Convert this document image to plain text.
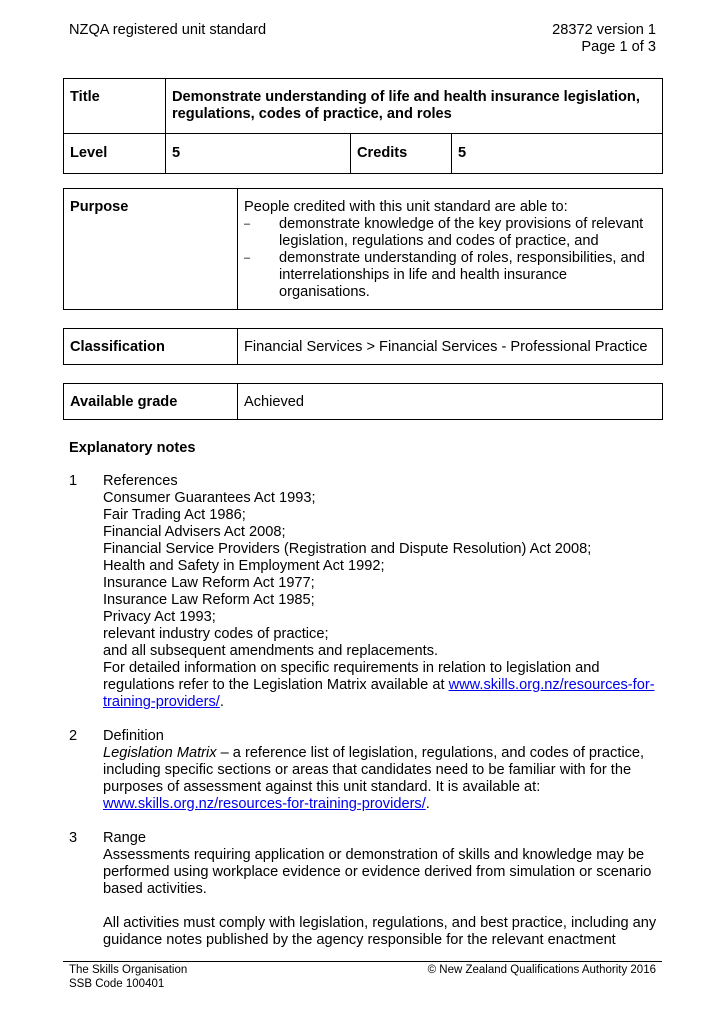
NZQA registered unit standard	28372 version 1
Page 1 of 3
Title	Demonstrate understanding of life and health insurance legislation, regulations, codes of practice, and roles		
Level	5	Credits	5
Purpose	People credited with this unit standard are able to:
– demonstrate knowledge of the key provisions of relevant legislation, regulations and codes of practice, and
– demonstrate understanding of roles, responsibilities, and interrelationships in life and health insurance organisations.
Classification	Financial Services > Financial Services - Professional Practice
Available grade	Achieved
Explanatory notes
1 References
Consumer Guarantees Act 1993;
Fair Trading Act 1986;
Financial Advisers Act 2008;
Financial Service Providers (Registration and Dispute Resolution) Act 2008;
Health and Safety in Employment Act 1992;
Insurance Law Reform Act 1977;
Insurance Law Reform Act 1985;
Privacy Act 1993;
relevant industry codes of practice;
and all subsequent amendments and replacements.
For detailed information on specific requirements in relation to legislation and regulations refer to the Legislation Matrix available at www.skills.org.nz/resources-for-training-providers/.
2 Definition
Legislation Matrix – a reference list of legislation, regulations, and codes of practice, including specific sections or areas that candidates need to be familiar with for the purposes of assessment against this unit standard. It is available at: www.skills.org.nz/resources-for-training-providers/.
3 Range
Assessments requiring application or demonstration of skills and knowledge may be performed using workplace evidence or evidence derived from simulation or scenario based activities.
All activities must comply with legislation, regulations, and best practice, including any guidance notes published by the agency responsible for the relevant enactment
The Skills Organisation
SSB Code 100401
© New Zealand Qualifications Authority 2016
